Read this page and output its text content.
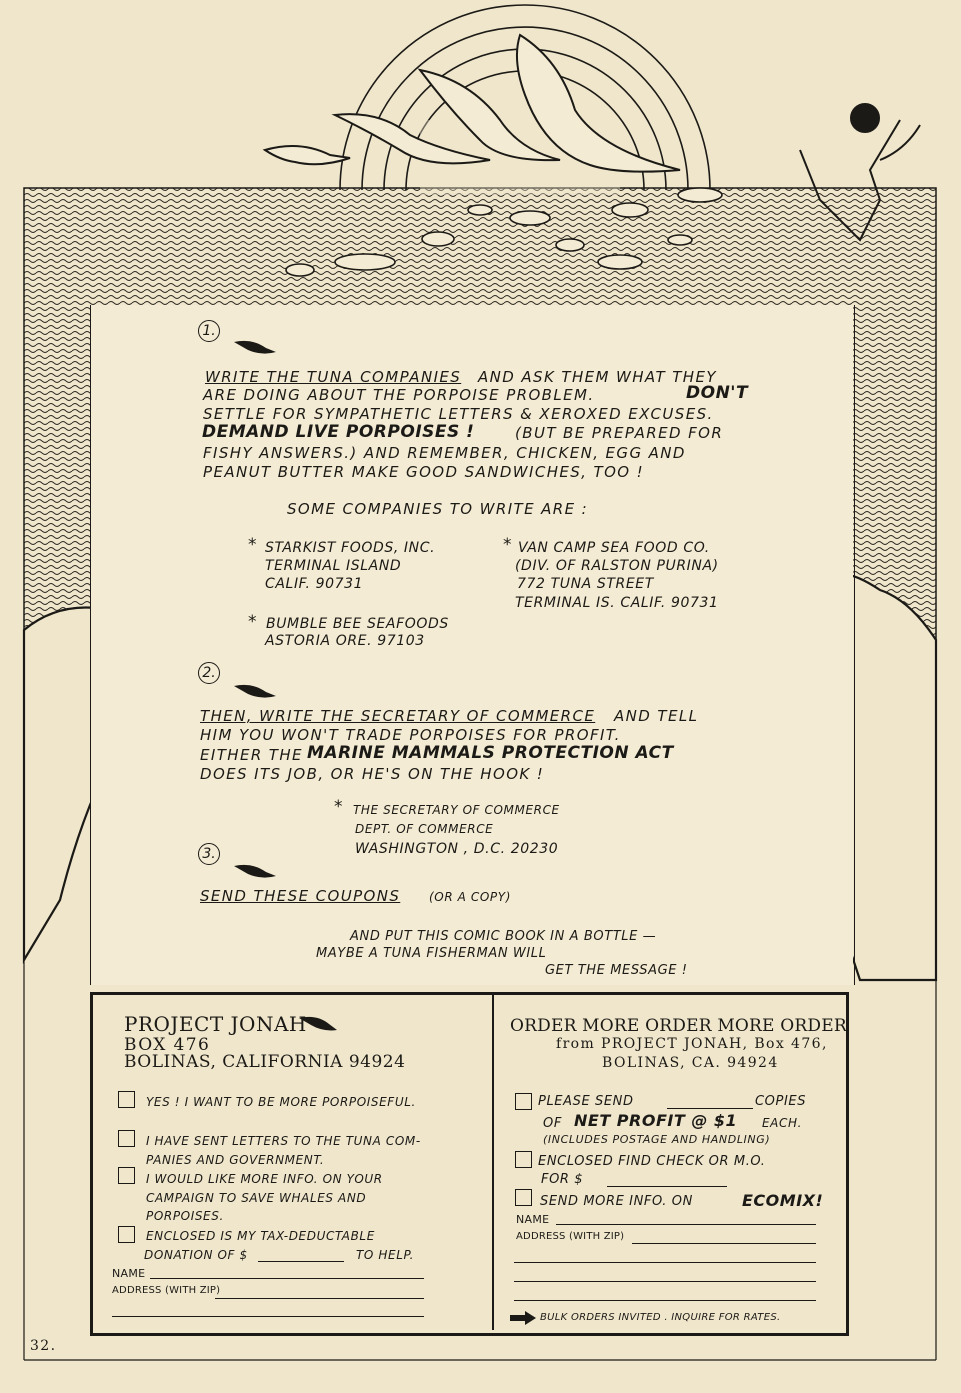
1.
WRITE THE TUNA COMPANIES AND ASK THEM WHAT THEY
ARE DOING ABOUT THE PORPOISE PROBLEM.	DON'T
SETTLE FOR SYMPATHETIC LETTERS & XEROXED EXCUSES.
DEMAND LIVE PORPOISES !	(BUT BE PREPARED FOR
FISHY ANSWERS.) AND REMEMBER, CHICKEN, EGG AND
PEANUT BUTTER MAKE GOOD SANDWICHES, TOO !
SOME COMPANIES TO WRITE ARE :
* STARKIST FOODS, INC.
TERMINAL ISLAND
CALIF. 90731
* VAN CAMP SEA FOOD CO.
(DIV. OF RALSTON PURINA)
772 TUNA STREET
TERMINAL IS. CALIF. 90731
* BUMBLE BEE SEAFOODS
ASTORIA ORE. 97103
2.
THEN, WRITE THE SECRETARY OF COMMERCE AND TELL
HIM YOU WON'T TRADE PORPOISES FOR PROFIT.
EITHER THE MARINE MAMMALS PROTECTION ACT
DOES ITS JOB, OR HE'S ON THE HOOK !
* THE SECRETARY OF COMMERCE
DEPT. OF COMMERCE
WASHINGTON , D.C. 20230
3.
SEND THESE COUPONS (OR A COPY)
AND PUT THIS COMIC BOOK IN A BOTTLE —
MAYBE A TUNA FISHERMAN WILL
GET THE MESSAGE !
PROJECT JONAH
BOX 476
BOLINAS, CALIFORNIA 94924
YES ! I WANT TO BE MORE PORPOISEFUL.
I HAVE SENT LETTERS TO THE TUNA COM-
PANIES AND GOVERNMENT.
I WOULD LIKE MORE INFO. ON YOUR
CAMPAIGN TO SAVE WHALES AND
PORPOISES.
ENCLOSED IS MY TAX-DEDUCTABLE
DONATION OF $	TO HELP.
NAME
ADDRESS (WITH ZIP)
ORDER MORE ORDER MORE ORDER
from PROJECT JONAH, Box 476,
BOLINAS, CA. 94924
PLEASE SEND	COPIES
OF NET PROFIT @ $1 EACH.
(INCLUDES POSTAGE AND HANDLING)
ENCLOSED FIND CHECK OR M.O.
FOR $
SEND MORE INFO. ON	ECOMIX!
NAME
ADDRESS (WITH ZIP)
BULK ORDERS INVITED . INQUIRE FOR RATES.
32.
